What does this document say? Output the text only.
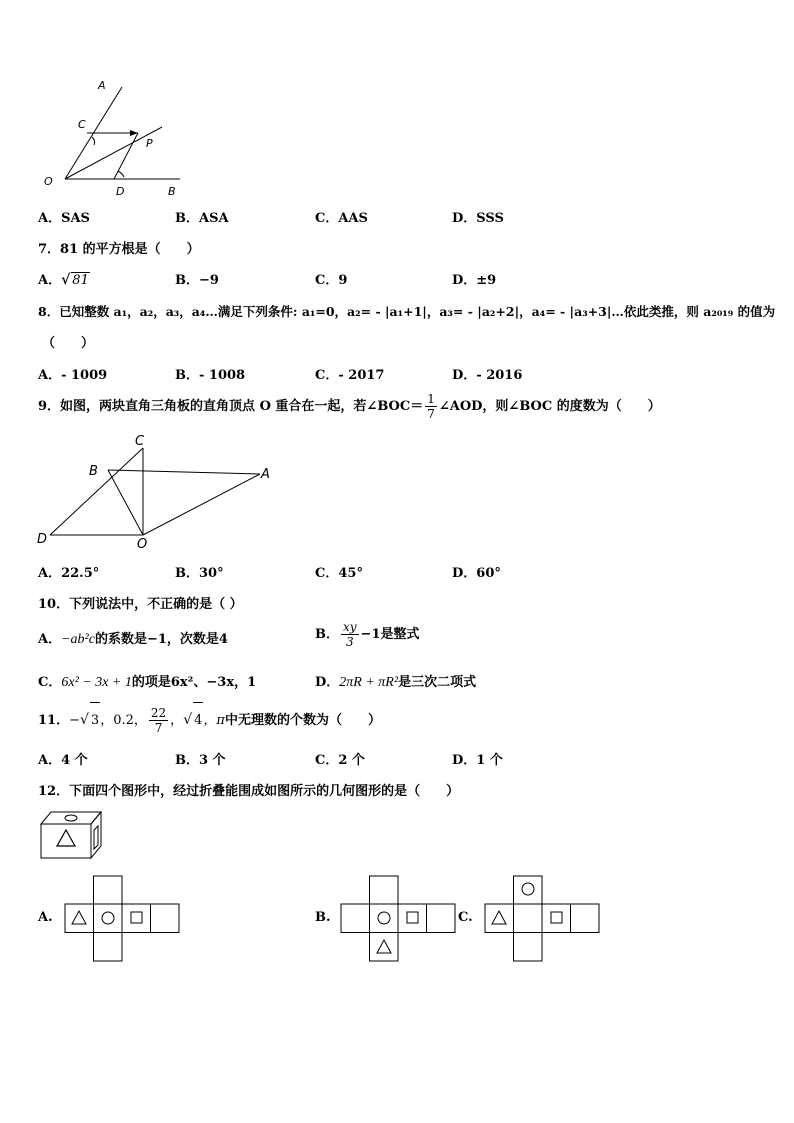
A
C
P
O
D	B
A．SAS	B．ASA	C．AAS	D．SSS
7．81 的平方根是（　　）
A．√ 81	B．−9	C．9	D．±9
8．已知整数 a₁，a₂，a₃，a₄…满足下列条件: a₁=0，a₂= - |a₁+1|，a₃= - |a₂+2|，a₄= - |a₃+3|…依此类推，则 a₂₀₁₉ 的值为
（　　）
A．- 1009	B．- 1008	C．- 2017	D．- 2016
9．如图，两块直角三角板的直角顶点 O 重合在一起，若∠BOC＝ $\frac{1}{7}$ ∠AOD，则∠BOC 的度数为（　　）
C
B	A
D	O
A．22.5°	B．30°	C．45°	D．60°
10．下列说法中，不正确的是（ ）
A．−ab²c的系数是−1，次数是4	B． $\frac{xy}{3} -1$是整式
C．6x² − 3x + 1的项是6x²、−3x，1	D．2πR + πR²是三次二项式
11．−√ 3，0.2， $\frac{22}{7}$ ，√ 4，π中无理数的个数为（　　）
A．4 个	B．3 个	C．2 个	D．1 个
12．下面四个图形中，经过折叠能围成如图所示的几何图形的是（　　）
A.	B.	C.
